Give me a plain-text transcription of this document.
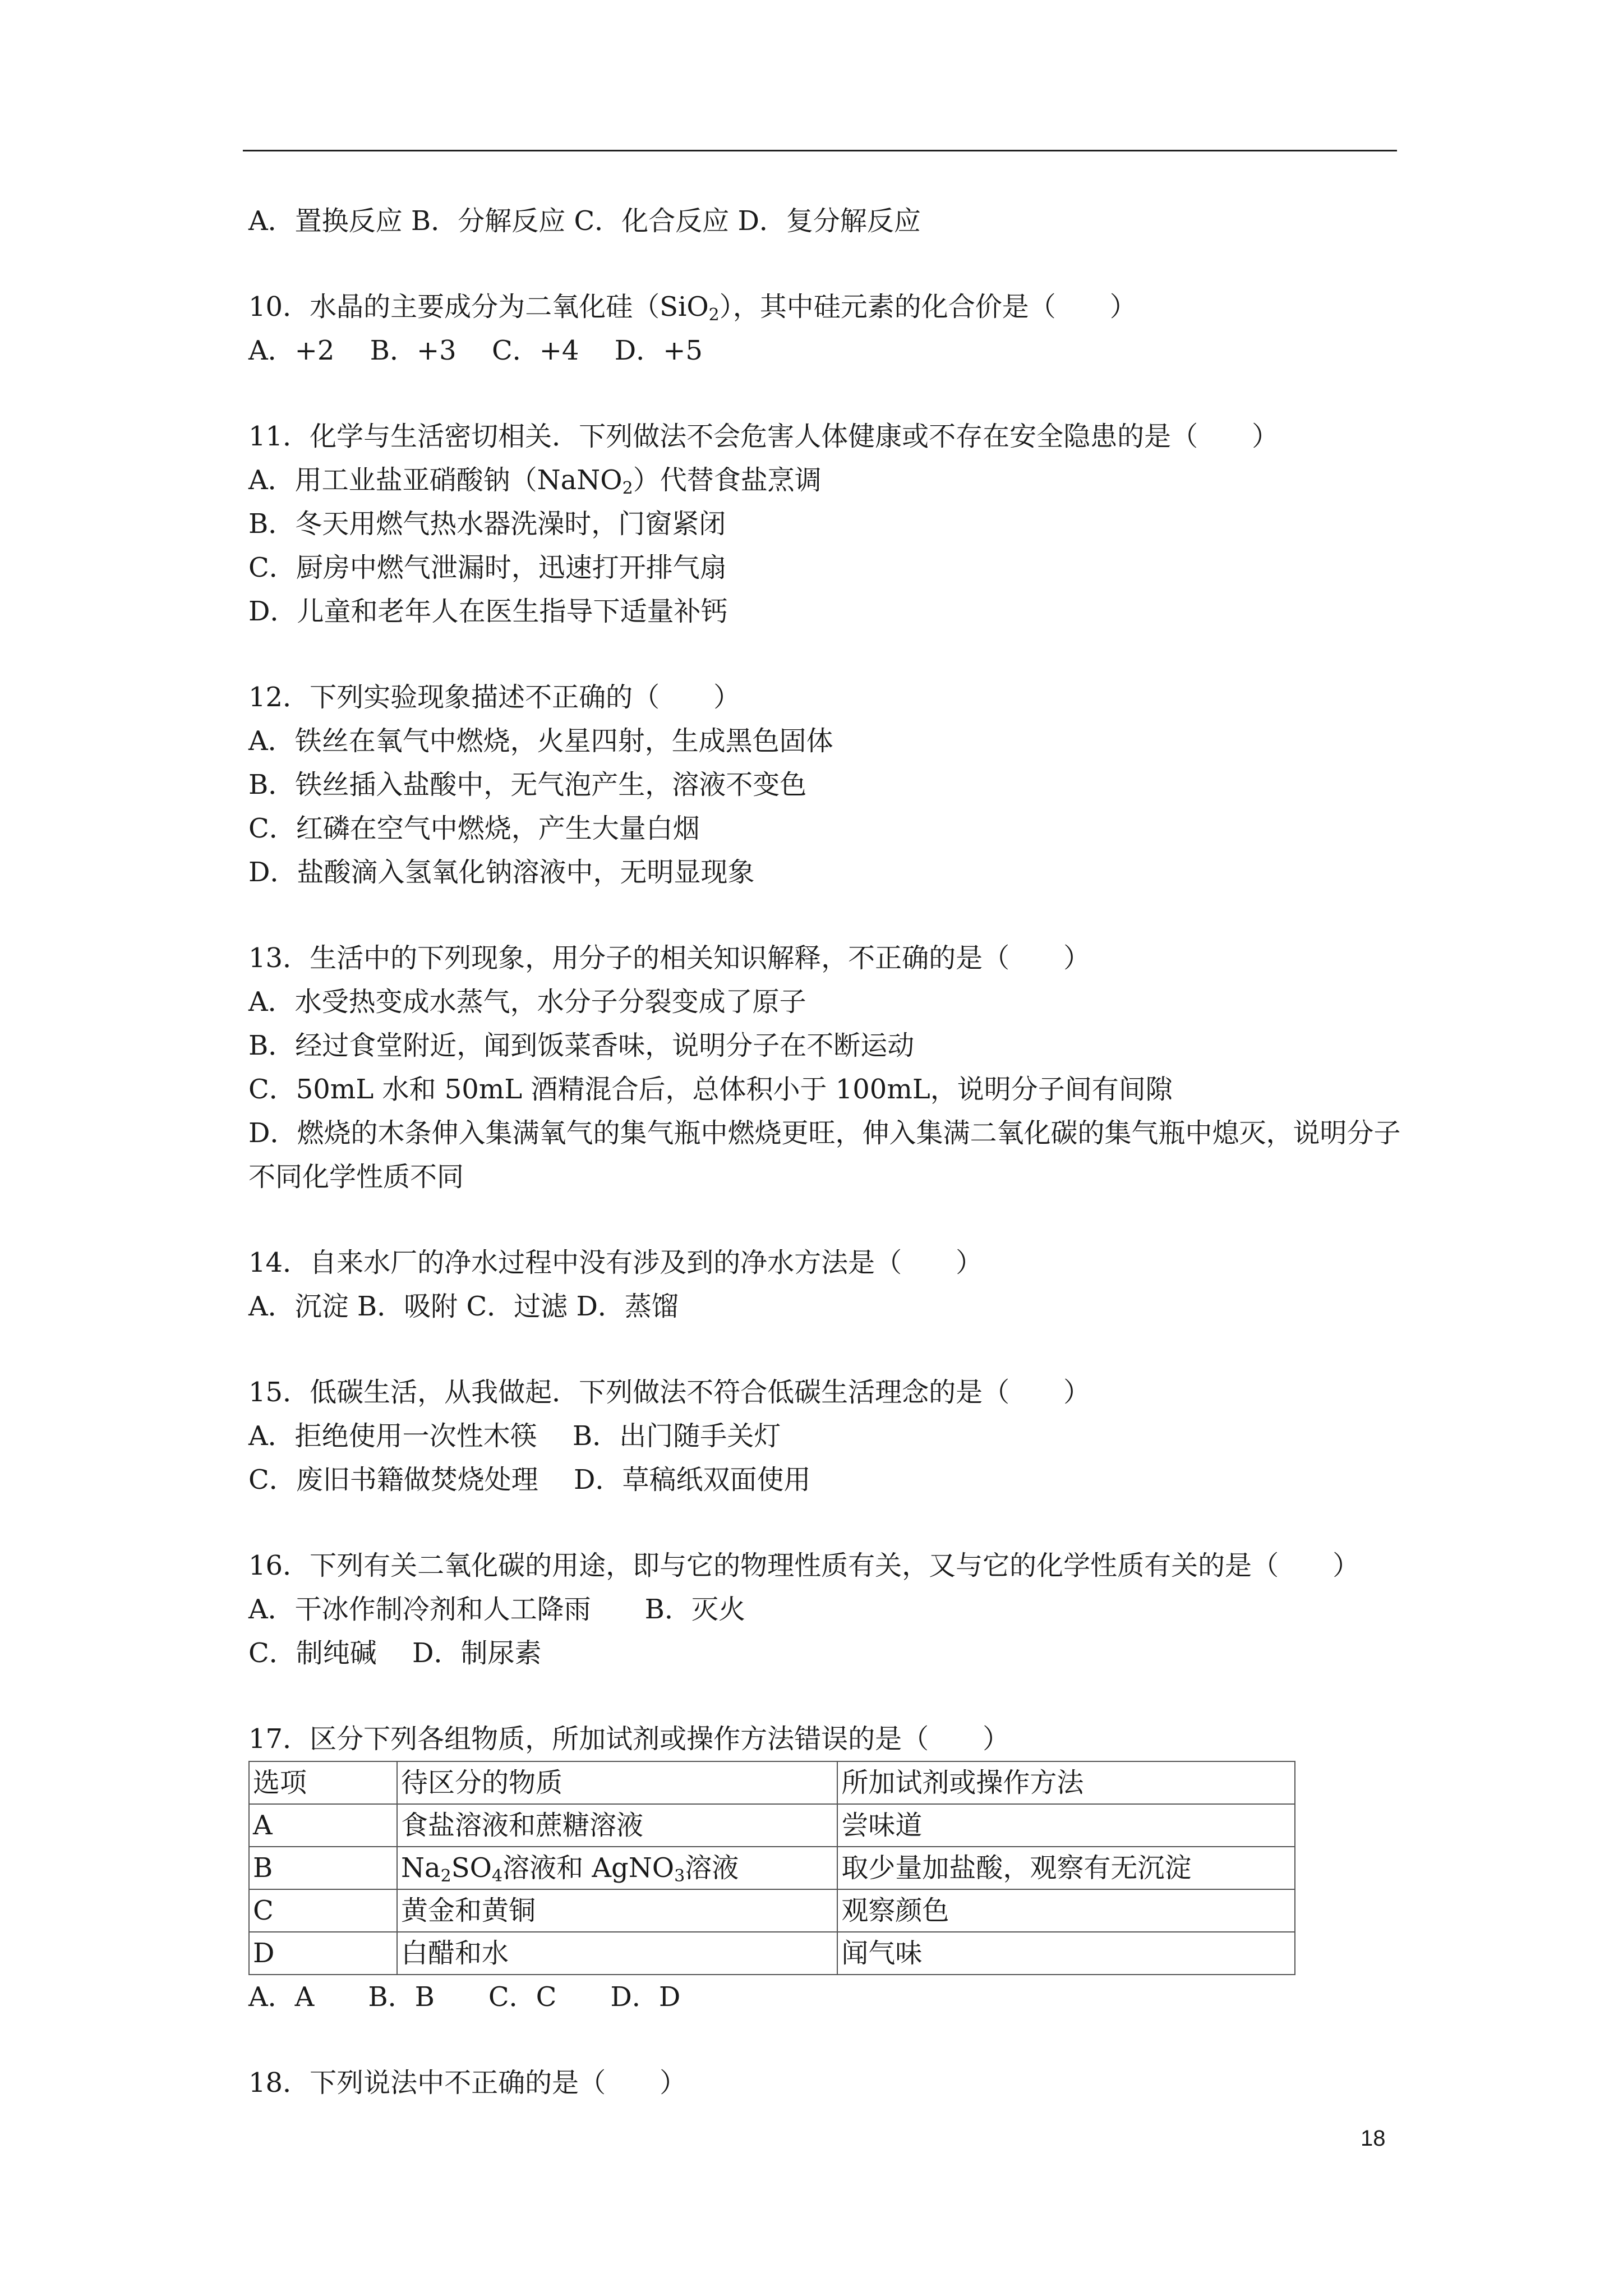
A．置换反应 B．分解反应 C．化合反应 D．复分解反应
10．水晶的主要成分为二氧化硅（SiO$_2$），其中硅元素的化合价是（　　）
A．+2　 B．+3　 C．+4　 D．+5
11．化学与生活密切相关．下列做法不会危害人体健康或不存在安全隐患的是（　　）
A．用工业盐亚硝酸钠（NaNO$_2$）代替食盐烹调
B．冬天用燃气热水器洗澡时，门窗紧闭
C．厨房中燃气泄漏时，迅速打开排气扇
D．儿童和老年人在医生指导下适量补钙
12．下列实验现象描述不正确的（　　）
A．铁丝在氧气中燃烧，火星四射，生成黑色固体
B．铁丝插入盐酸中，无气泡产生，溶液不变色
C．红磷在空气中燃烧，产生大量白烟
D．盐酸滴入氢氧化钠溶液中，无明显现象
13．生活中的下列现象，用分子的相关知识解释，不正确的是（　　）
A．水受热变成水蒸气，水分子分裂变成了原子
B．经过食堂附近，闻到饭菜香味，说明分子在不断运动
C．50mL 水和 50mL 酒精混合后，总体积小于 100mL，说明分子间有间隙
D．燃烧的木条伸入集满氧气的集气瓶中燃烧更旺，伸入集满二氧化碳的集气瓶中熄灭，说明分子不同化学性质不同
14．自来水厂的净水过程中没有涉及到的净水方法是（　　）
A．沉淀 B．吸附 C．过滤 D．蒸馏
15．低碳生活，从我做起．下列做法不符合低碳生活理念的是（　　）
A．拒绝使用一次性木筷　 B．出门随手关灯
C．废旧书籍做焚烧处理　 D．草稿纸双面使用
16．下列有关二氧化碳的用途，即与它的物理性质有关，又与它的化学性质有关的是（　　）
A．干冰作制冷剂和人工降雨　　B．灭火
C．制纯碱　 D．制尿素
17．区分下列各组物质，所加试剂或操作方法错误的是（　　）
选项	待区分的物质	所加试剂或操作方法
A	食盐溶液和蔗糖溶液	尝味道
B	$Na_2SO_4$溶液和 AgNO$_3$溶液	取少量加盐酸，观察有无沉淀
C	黄金和黄铜	观察颜色
D	白醋和水	闻气味
A．A　　B．B　　C．C　　D．D
18．下列说法中不正确的是（　　）
18
